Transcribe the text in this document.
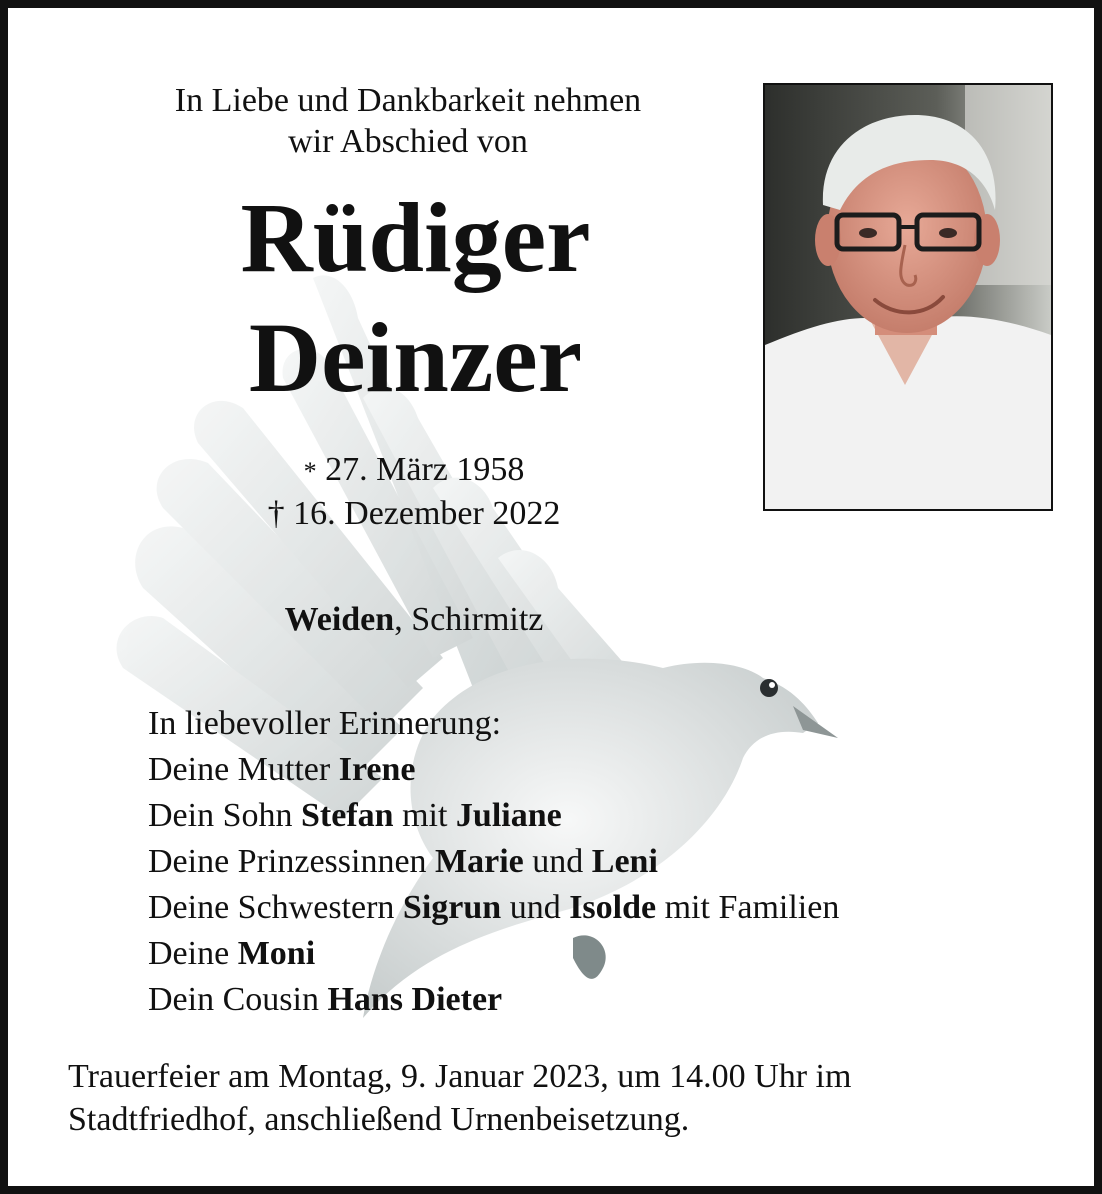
In Liebe und Dankbarkeit nehmen
wir Abschied von
Rüdiger
Deinzer
* 27. März 1958
† 16. Dezember 2022
Weiden, Schirmitz
In liebevoller Erinnerung:
Deine Mutter Irene
Dein Sohn Stefan mit Juliane
Deine Prinzessinnen Marie und Leni
Deine Schwestern Sigrun und Isolde mit Familien
Deine Moni
Dein Cousin Hans Dieter
Trauerfeier am Montag, 9. Januar 2023, um 14.00 Uhr im
Stadtfriedhof, anschließend Urnenbeisetzung.
